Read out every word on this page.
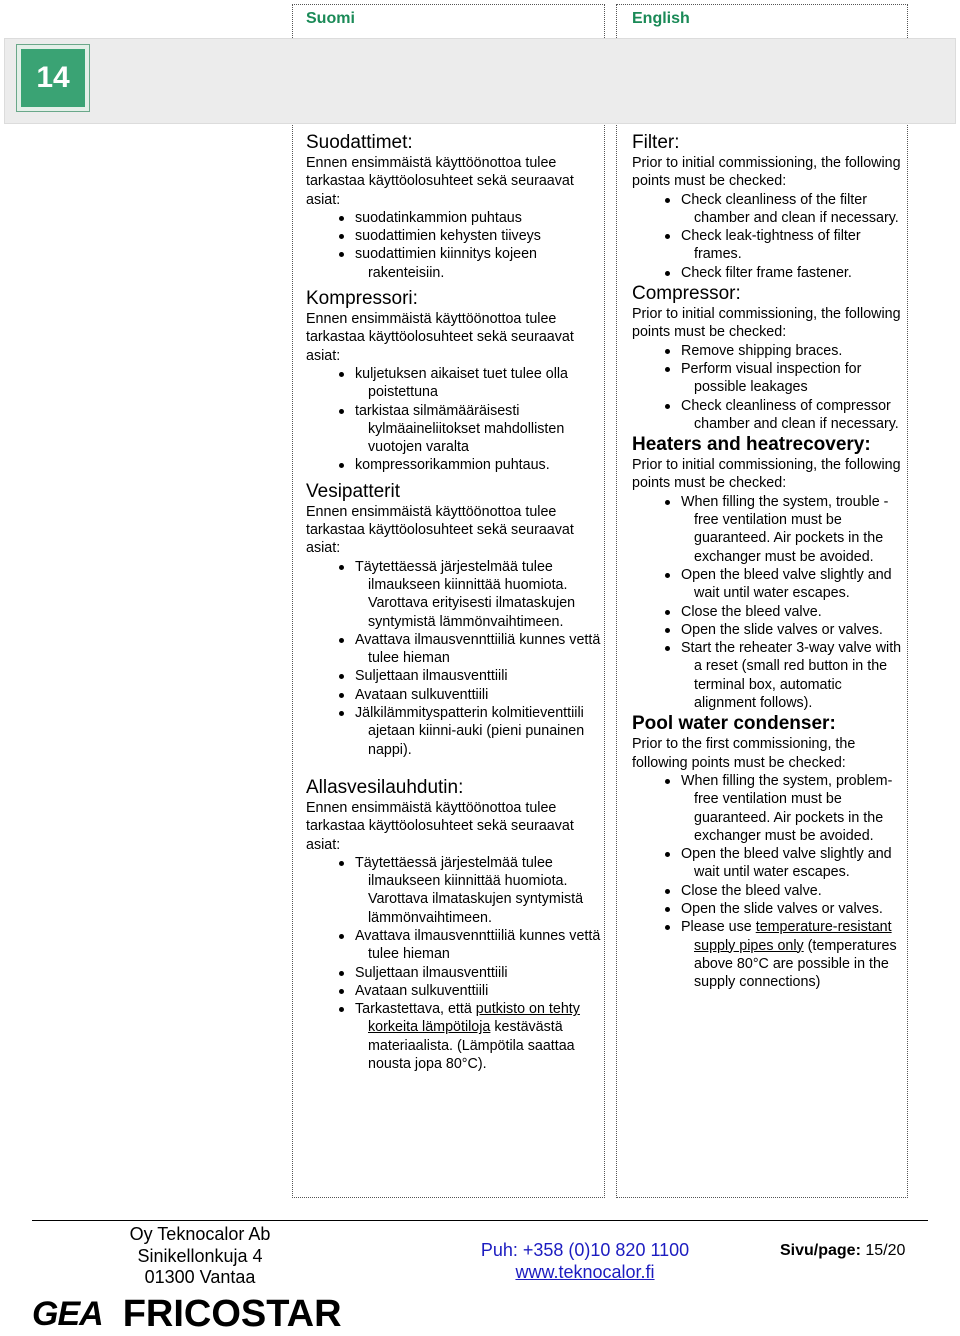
Suomi	English
14
Suodattimet:

Ennen ensimmäistä käyttöönottoa tulee tarkastaa käyttöolosuhteet sekä seuraavat asiat:

suodatinkammion puhtaus
suodattimien kehysten tiiveys
suodattimien kiinnitys kojeen rakenteisiin.
Kompressori:

Ennen ensimmäistä käyttöönottoa tulee tarkastaa käyttöolosuhteet sekä seuraavat asiat:

kuljetuksen aikaiset tuet tulee olla poistettuna
tarkistaa silmämääräisesti kylmäaineliitokset mahdollisten vuotojen varalta
kompressorikammion puhtaus.
Vesipatterit

Ennen ensimmäistä käyttöönottoa tulee tarkastaa käyttöolosuhteet sekä seuraavat asiat:

Täytettäessä järjestelmää tulee ilmaukseen kiinnittää huomiota. Varottava erityisesti ilmataskujen syntymistä lämmönvaihtimeen.
Avattava ilmausvennttiiliä kunnes vettä tulee hieman
Suljettaan ilmausventtiili
Avataan sulkuventtiili
Jälkilämmityspatterin kolmitieventtiili ajetaan kiinni-auki (pieni punainen nappi).
Allasvesilauhdutin:

Ennen ensimmäistä käyttöönottoa tulee tarkastaa käyttöolosuhteet sekä seuraavat asiat:

Täytettäessä järjestelmää tulee ilmaukseen kiinnittää huomiota. Varottava ilmataskujen syntymistä lämmönvaihtimeen.
Avattava ilmausvennttiiliä kunnes vettä tulee hieman
Suljettaan ilmausventtiili
Avataan sulkuventtiili
Tarkastettava, että putkisto on tehty korkeita lämpötiloja kestävästä materiaalista. (Lämpötila saattaa nousta jopa 80°C).
Filter:

Prior to initial commissioning, the following points must be checked:

Check cleanliness of the filter chamber and clean if necessary.
Check leak-tightness of filter frames.
Check filter frame fastener.
Compressor:

Prior to initial commissioning, the following points must be checked:

Remove shipping braces.
Perform visual inspection for possible leakages
Check cleanliness of compressor chamber and clean if necessary.
Heaters and heatrecovery:

Prior to initial commissioning, the following points must be checked:

When filling the system, trouble -free ventilation must be guaranteed. Air pockets in the exchanger must be avoided.
Open the bleed valve slightly and wait until water escapes.
Close the bleed valve.
Open the slide valves or valves.
Start the reheater 3-way valve with a reset (small red button in the terminal box, automatic alignment follows).
Pool water condenser:

Prior to the first commissioning, the following points must be checked:

When filling the system, problem-free ventilation must be guaranteed. Air pockets in the exchanger must be avoided.
Open the bleed valve slightly and wait until water escapes.
Close the bleed valve.
Open the slide valves or valves.
Please use temperature-resistant supply pipes only (temperatures above 80°C are possible in the supply connections)
Oy Teknocalor Ab
Sinikellonkuja 4
01300 Vantaa
Puh: +358 (0)10 820 1100
www.teknocalor.fi
Sivu/page: 15/20
GEA FRICOSTAR
